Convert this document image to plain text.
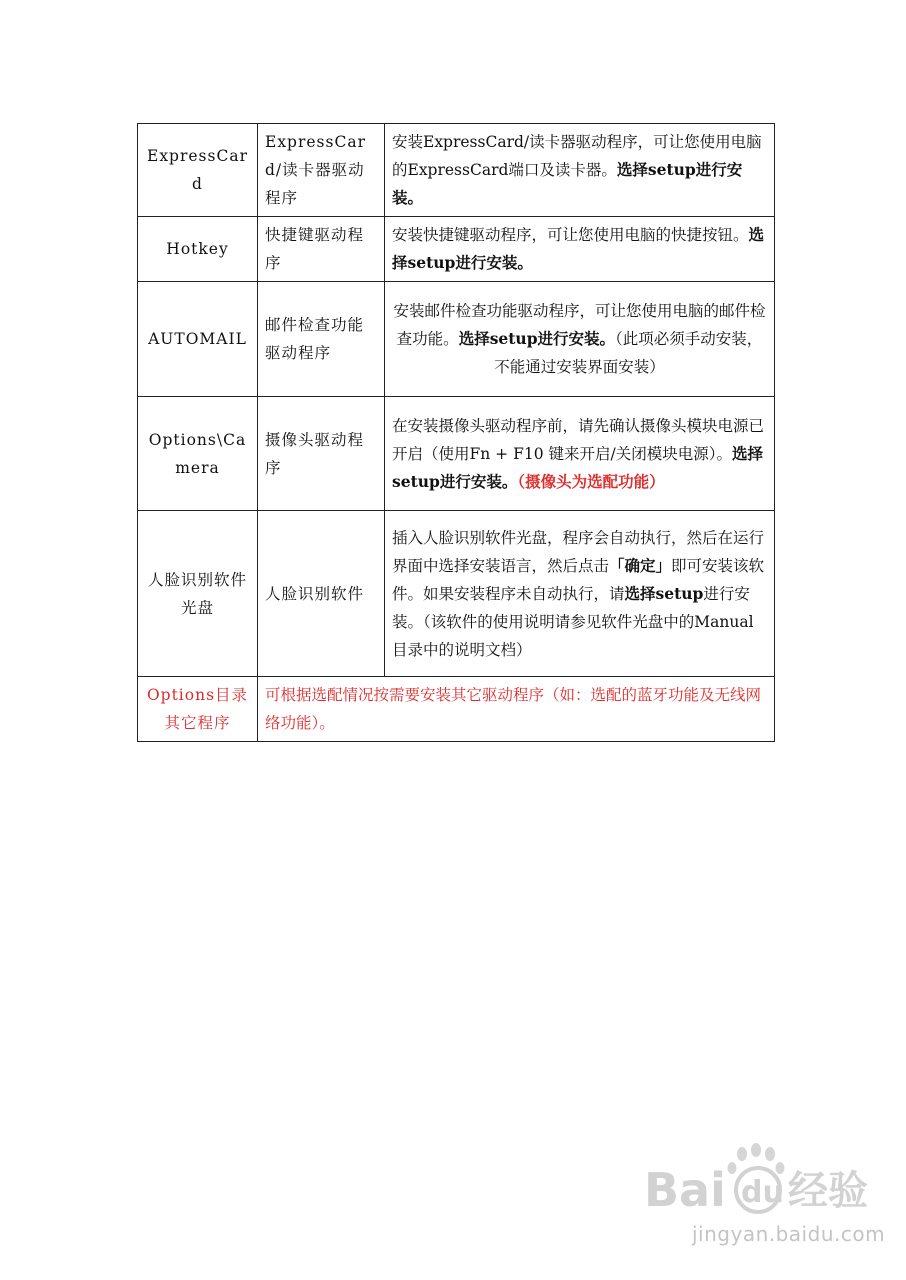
ExpressCard	ExpressCard/读卡器驱动程序	安装ExpressCard/读卡器驱动程序，可让您使用电脑的ExpressCard端口及读卡器。选择setup进行安装。
Hotkey	快捷键驱动程序	安装快捷键驱动程序，可让您使用电脑的快捷按钮。选择setup进行安装。
AUTOMAIL	邮件检查功能驱动程序	安装邮件检查功能驱动程序，可让您使用电脑的邮件检查功能。选择setup进行安装。（此项必须手动安装，不能通过安装界面安装）
Options\Camera	摄像头驱动程序	在安装摄像头驱动程序前，请先确认摄像头模块电源已开启（使用Fn + F10 键来开启/关闭模块电源）。选择setup进行安装。（摄像头为选配功能）
人脸识别软件光盘	人脸识别软件	插入人脸识别软件光盘，程序会自动执行，然后在运行界面中选择安装语言，然后点击「确定」即可安装该软件。如果安装程序未自动执行，请选择setup进行安装。（该软件的使用说明请参见软件光盘中的Manual目录中的说明文档）
Options目录其它程序	可根据选配情况按需要安装其它驱动程序（如：选配的蓝牙功能及无线网络功能）。	
Bai du 经验
jingyan.baidu.com
